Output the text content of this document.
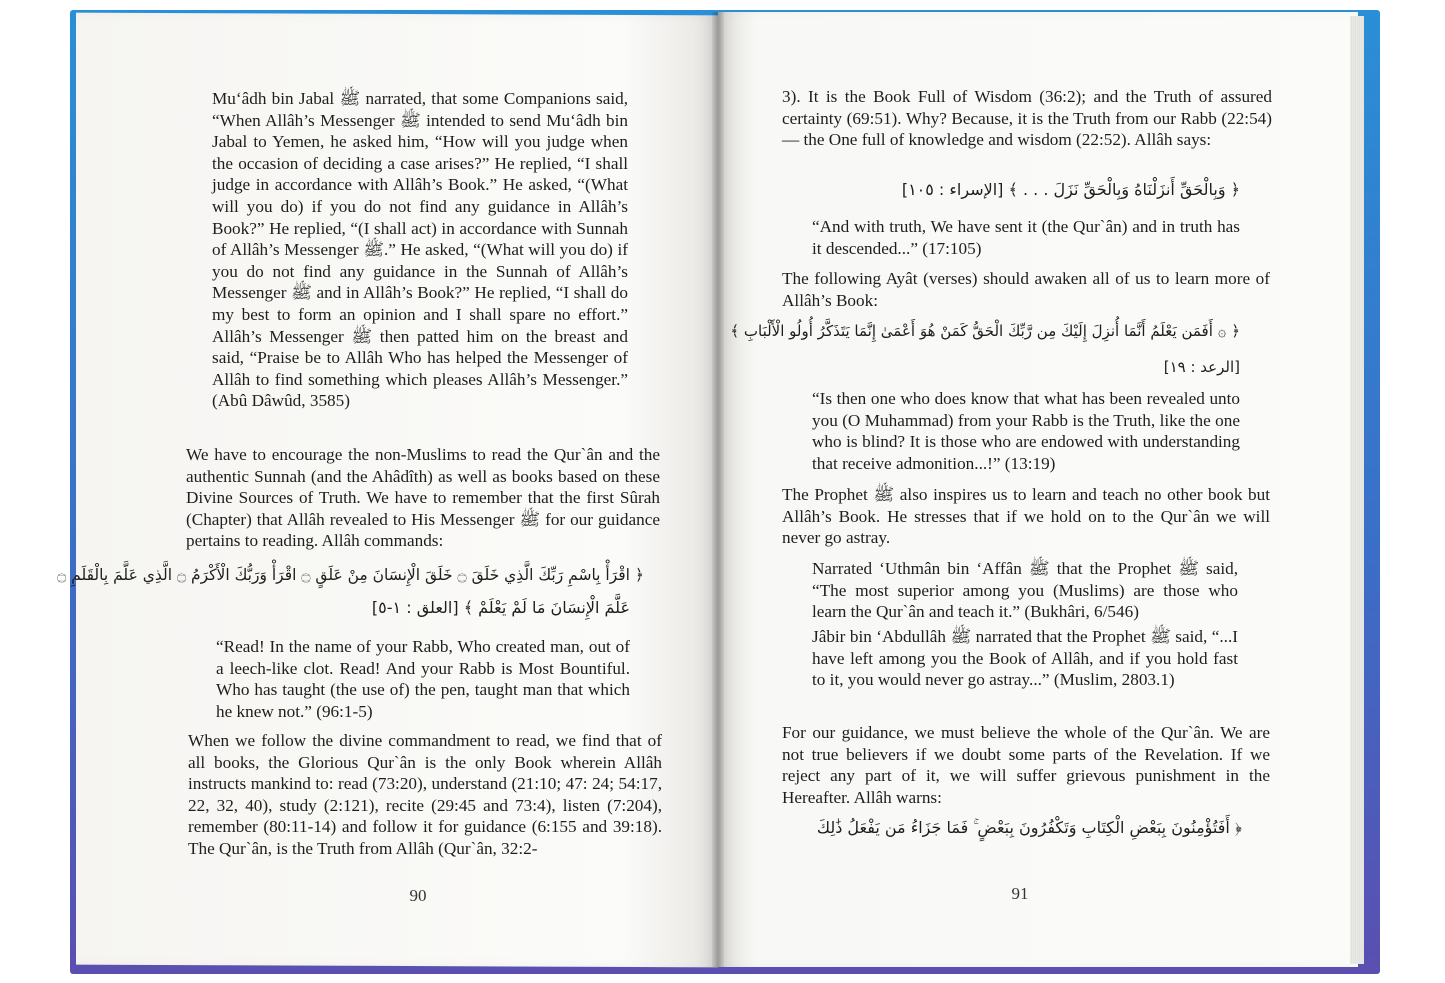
Mu‘âdh bin Jabal ﷺ narrated, that some Companions said, “When Allâh’s Messenger ﷺ intended to send Mu‘âdh bin Jabal to Yemen, he asked him, “How will you judge when the occasion of deciding a case arises?” He replied, “I shall judge in accordance with Allâh’s Book.” He asked, “(What will you do) if you do not find any guidance in Allâh’s Book?” He replied, “(I shall act) in accordance with Sunnah of Allâh’s Messenger ﷺ.” He asked, “(What will you do) if you do not find any guidance in the Sunnah of Allâh’s Messenger ﷺ and in Allâh’s Book?” He replied, “I shall do my best to form an opinion and I shall spare no effort.” Allâh’s Messenger ﷺ then patted him on the breast and said, “Praise be to Allâh Who has helped the Messenger of Allâh to find something which pleases Allâh’s Messenger.” (Abû Dâwûd, 3585)

We have to encourage the non-Muslims to read the Qur`ân and the authentic Sunnah (and the Ahâdîth) as well as books based on these Divine Sources of Truth. We have to remember that the first Sûrah (Chapter) that Allâh revealed to His Messenger ﷺ for our guidance pertains to reading. Allâh commands:

﴿ اقْرَأْ بِاسْمِ رَبِّكَ الَّذِي خَلَقَ ۝ خَلَقَ الْإِنسَانَ مِنْ عَلَقٍ ۝ اقْرَأْ وَرَبُّكَ الْأَكْرَمُ ۝ الَّذِي عَلَّمَ بِالْقَلَمِ ۝
عَلَّمَ الْإِنسَانَ مَا لَمْ يَعْلَمْ ﴾ [العلق : ١-٥]

“Read! In the name of your Rabb, Who created man, out of a leech-like clot. Read! And your Rabb is Most Bountiful. Who has taught (the use of) the pen, taught man that which he knew not.” (96:1-5)

When we follow the divine commandment to read, we find that of all books, the Glorious Qur`ân is the only Book wherein Allâh instructs mankind to: read (73:20), understand (21:10; 47: 24; 54:17, 22, 32, 40), study (2:121), recite (29:45 and 73:4), listen (7:204), remember (80:11-14) and follow it for guidance (6:155 and 39:18). The Qur`ân, is the Truth from Allâh (Qur`ân, 32:2-

90

3). It is the Book Full of Wisdom (36:2); and the Truth of assured certainty (69:51). Why? Because, it is the Truth from our Rabb (22:54) — the One full of knowledge and wisdom (22:52). Allâh says:

﴿ وَبِالْحَقِّ أَنزَلْنَاهُ وَبِالْحَقِّ نَزَلَ . . . ﴾ [الإسراء : ١٠٥]

“And with truth, We have sent it (the Qur`ân) and in truth has it descended...” (17:105)

The following Ayât (verses) should awaken all of us to learn more of Allâh’s Book:

﴿ ۞ أَفَمَن يَعْلَمُ أَنَّمَا أُنزِلَ إِلَيْكَ مِن رَّبِّكَ الْحَقُّ كَمَنْ هُوَ أَعْمَىٰ إِنَّمَا يَتَذَكَّرُ أُولُو الْأَلْبَابِ ﴾
[الرعد : ١٩]

“Is then one who does know that what has been revealed unto you (O Muhammad) from your Rabb is the Truth, like the one who is blind? It is those who are endowed with understanding that receive admonition...!” (13:19)

The Prophet ﷺ also inspires us to learn and teach no other book but Allâh’s Book. He stresses that if we hold on to the Qur`ân we will never go astray.

Narrated ‘Uthmân bin ‘Affân ﷺ that the Prophet ﷺ said, “The most superior among you (Muslims) are those who learn the Qur`ân and teach it.” (Bukhâri, 6/546)

Jâbir bin ‘Abdullâh ﷺ narrated that the Prophet ﷺ said, “...I have left among you the Book of Allâh, and if you hold fast to it, you would never go astray...” (Muslim, 2803.1)

For our guidance, we must believe the whole of the Qur`ân. We are not true believers if we doubt some parts of the Revelation. If we reject any part of it, we will suffer grievous punishment in the Hereafter. Allâh warns:

﴿ أَفَتُؤْمِنُونَ بِبَعْضِ الْكِتَابِ وَتَكْفُرُونَ بِبَعْضٍ ۚ فَمَا جَزَاءُ مَن يَفْعَلُ ذَٰلِكَ
91
